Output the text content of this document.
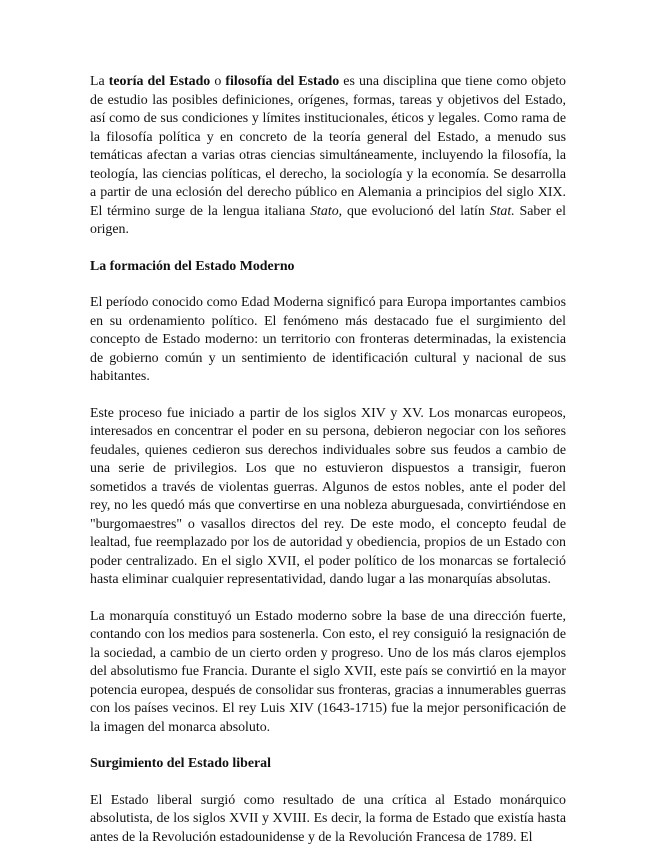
La teoría del Estado o filosofía del Estado es una disciplina que tiene como objeto de estudio las posibles definiciones, orígenes, formas, tareas y objetivos del Estado, así como de sus condiciones y límites institucionales, éticos y legales. Como rama de la filosofía política y en concreto de la teoría general del Estado, a menudo sus temáticas afectan a varias otras ciencias simultáneamente, incluyendo la filosofía, la teología, las ciencias políticas, el derecho, la sociología y la economía. Se desarrolla a partir de una eclosión del derecho público en Alemania a principios del siglo XIX. El término surge de la lengua italiana Stato, que evolucionó del latín Stat. Saber el origen.

La formación del Estado Moderno

El período conocido como Edad Moderna significó para Europa importantes cambios en su ordenamiento político. El fenómeno más destacado fue el surgimiento del concepto de Estado moderno: un territorio con fronteras determinadas, la existencia de gobierno común y un sentimiento de identificación cultural y nacional de sus habitantes.

Este proceso fue iniciado a partir de los siglos XIV y XV. Los monarcas europeos, interesados en concentrar el poder en su persona, debieron negociar con los señores feudales, quienes cedieron sus derechos individuales sobre sus feudos a cambio de una serie de privilegios. Los que no estuvieron dispuestos a transigir, fueron sometidos a través de violentas guerras. Algunos de estos nobles, ante el poder del rey, no les quedó más que convertirse en una nobleza aburguesada, convirtiéndose en "burgomaestres" o vasallos directos del rey. De este modo, el concepto feudal de lealtad, fue reemplazado por los de autoridad y obediencia, propios de un Estado con poder centralizado. En el siglo XVII, el poder político de los monarcas se fortaleció hasta eliminar cualquier representatividad, dando lugar a las monarquías absolutas.

La monarquía constituyó un Estado moderno sobre la base de una dirección fuerte, contando con los medios para sostenerla. Con esto, el rey consiguió la resignación de la sociedad, a cambio de un cierto orden y progreso. Uno de los más claros ejemplos del absolutismo fue Francia. Durante el siglo XVII, este país se convirtió en la mayor potencia europea, después de consolidar sus fronteras, gracias a innumerables guerras con los países vecinos. El rey Luis XIV (1643-1715) fue la mejor personificación de la imagen del monarca absoluto.

Surgimiento del Estado liberal

El Estado liberal surgió como resultado de una crítica al Estado monárquico absolutista, de los siglos XVII y XVIII. Es decir, la forma de Estado que existía hasta antes de la Revolución estadounidense y de la Revolución Francesa de 1789. El
